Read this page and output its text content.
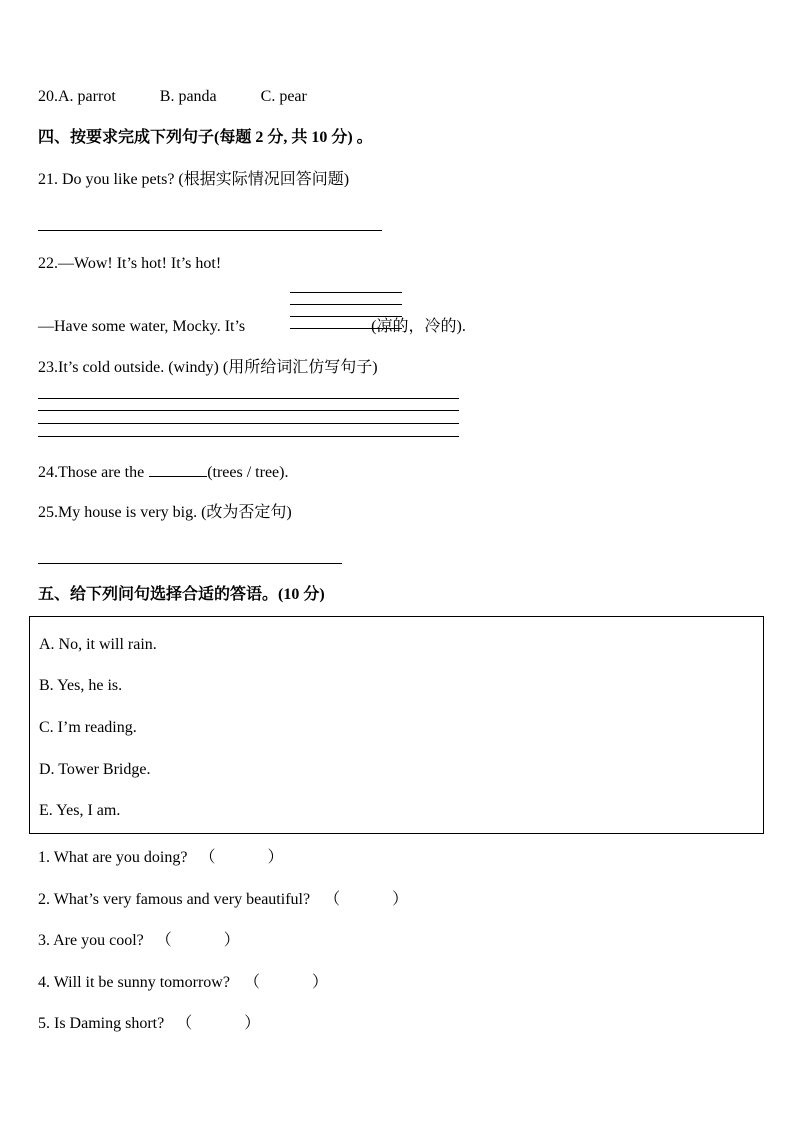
20.A. parrot	B. panda	C. pear
四、按要求完成下列句子(每题 2 分, 共 10 分) 。
21. Do you like pets? (根据实际情况回答问题)
22.—Wow! It’s hot! It’s hot!
—Have some water, Mocky. It’s	(凉的，冷的).
23.It’s cold outside. (windy) (用所给词汇仿写句子)
24.Those are the	(trees / tree).
25.My house is very big. (改为否定句)
五、给下列问句选择合适的答语。(10 分)
A. No, it will rain.
B. Yes, he is.
C. I’m reading.
D. Tower Bridge.
E. Yes, I am.
1. What are you doing? （	）
2. What’s very famous and very beautiful? （	）
3. Are you cool? （	）
4. Will it be sunny tomorrow? （	）
5. Is Daming short? （	）
